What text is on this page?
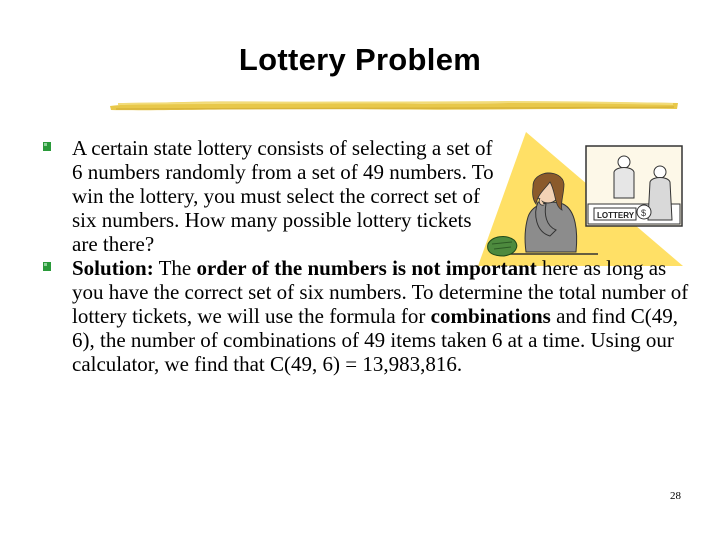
Lottery Problem
$
LOTTERY
A certain state lottery consists of selecting a set of 6 numbers randomly from a set of 49 numbers. To win the lottery, you must select the correct set of six numbers. How many possible lottery tickets are there?
Solution: The order of the numbers is not important here as long as you have the correct set of six numbers. To determine the total number of lottery tickets, we will use the formula for combinations and find C(49, 6), the number of combinations of 49 items taken 6 at a time. Using our calculator, we find that C(49, 6) = 13,983,816.
28
